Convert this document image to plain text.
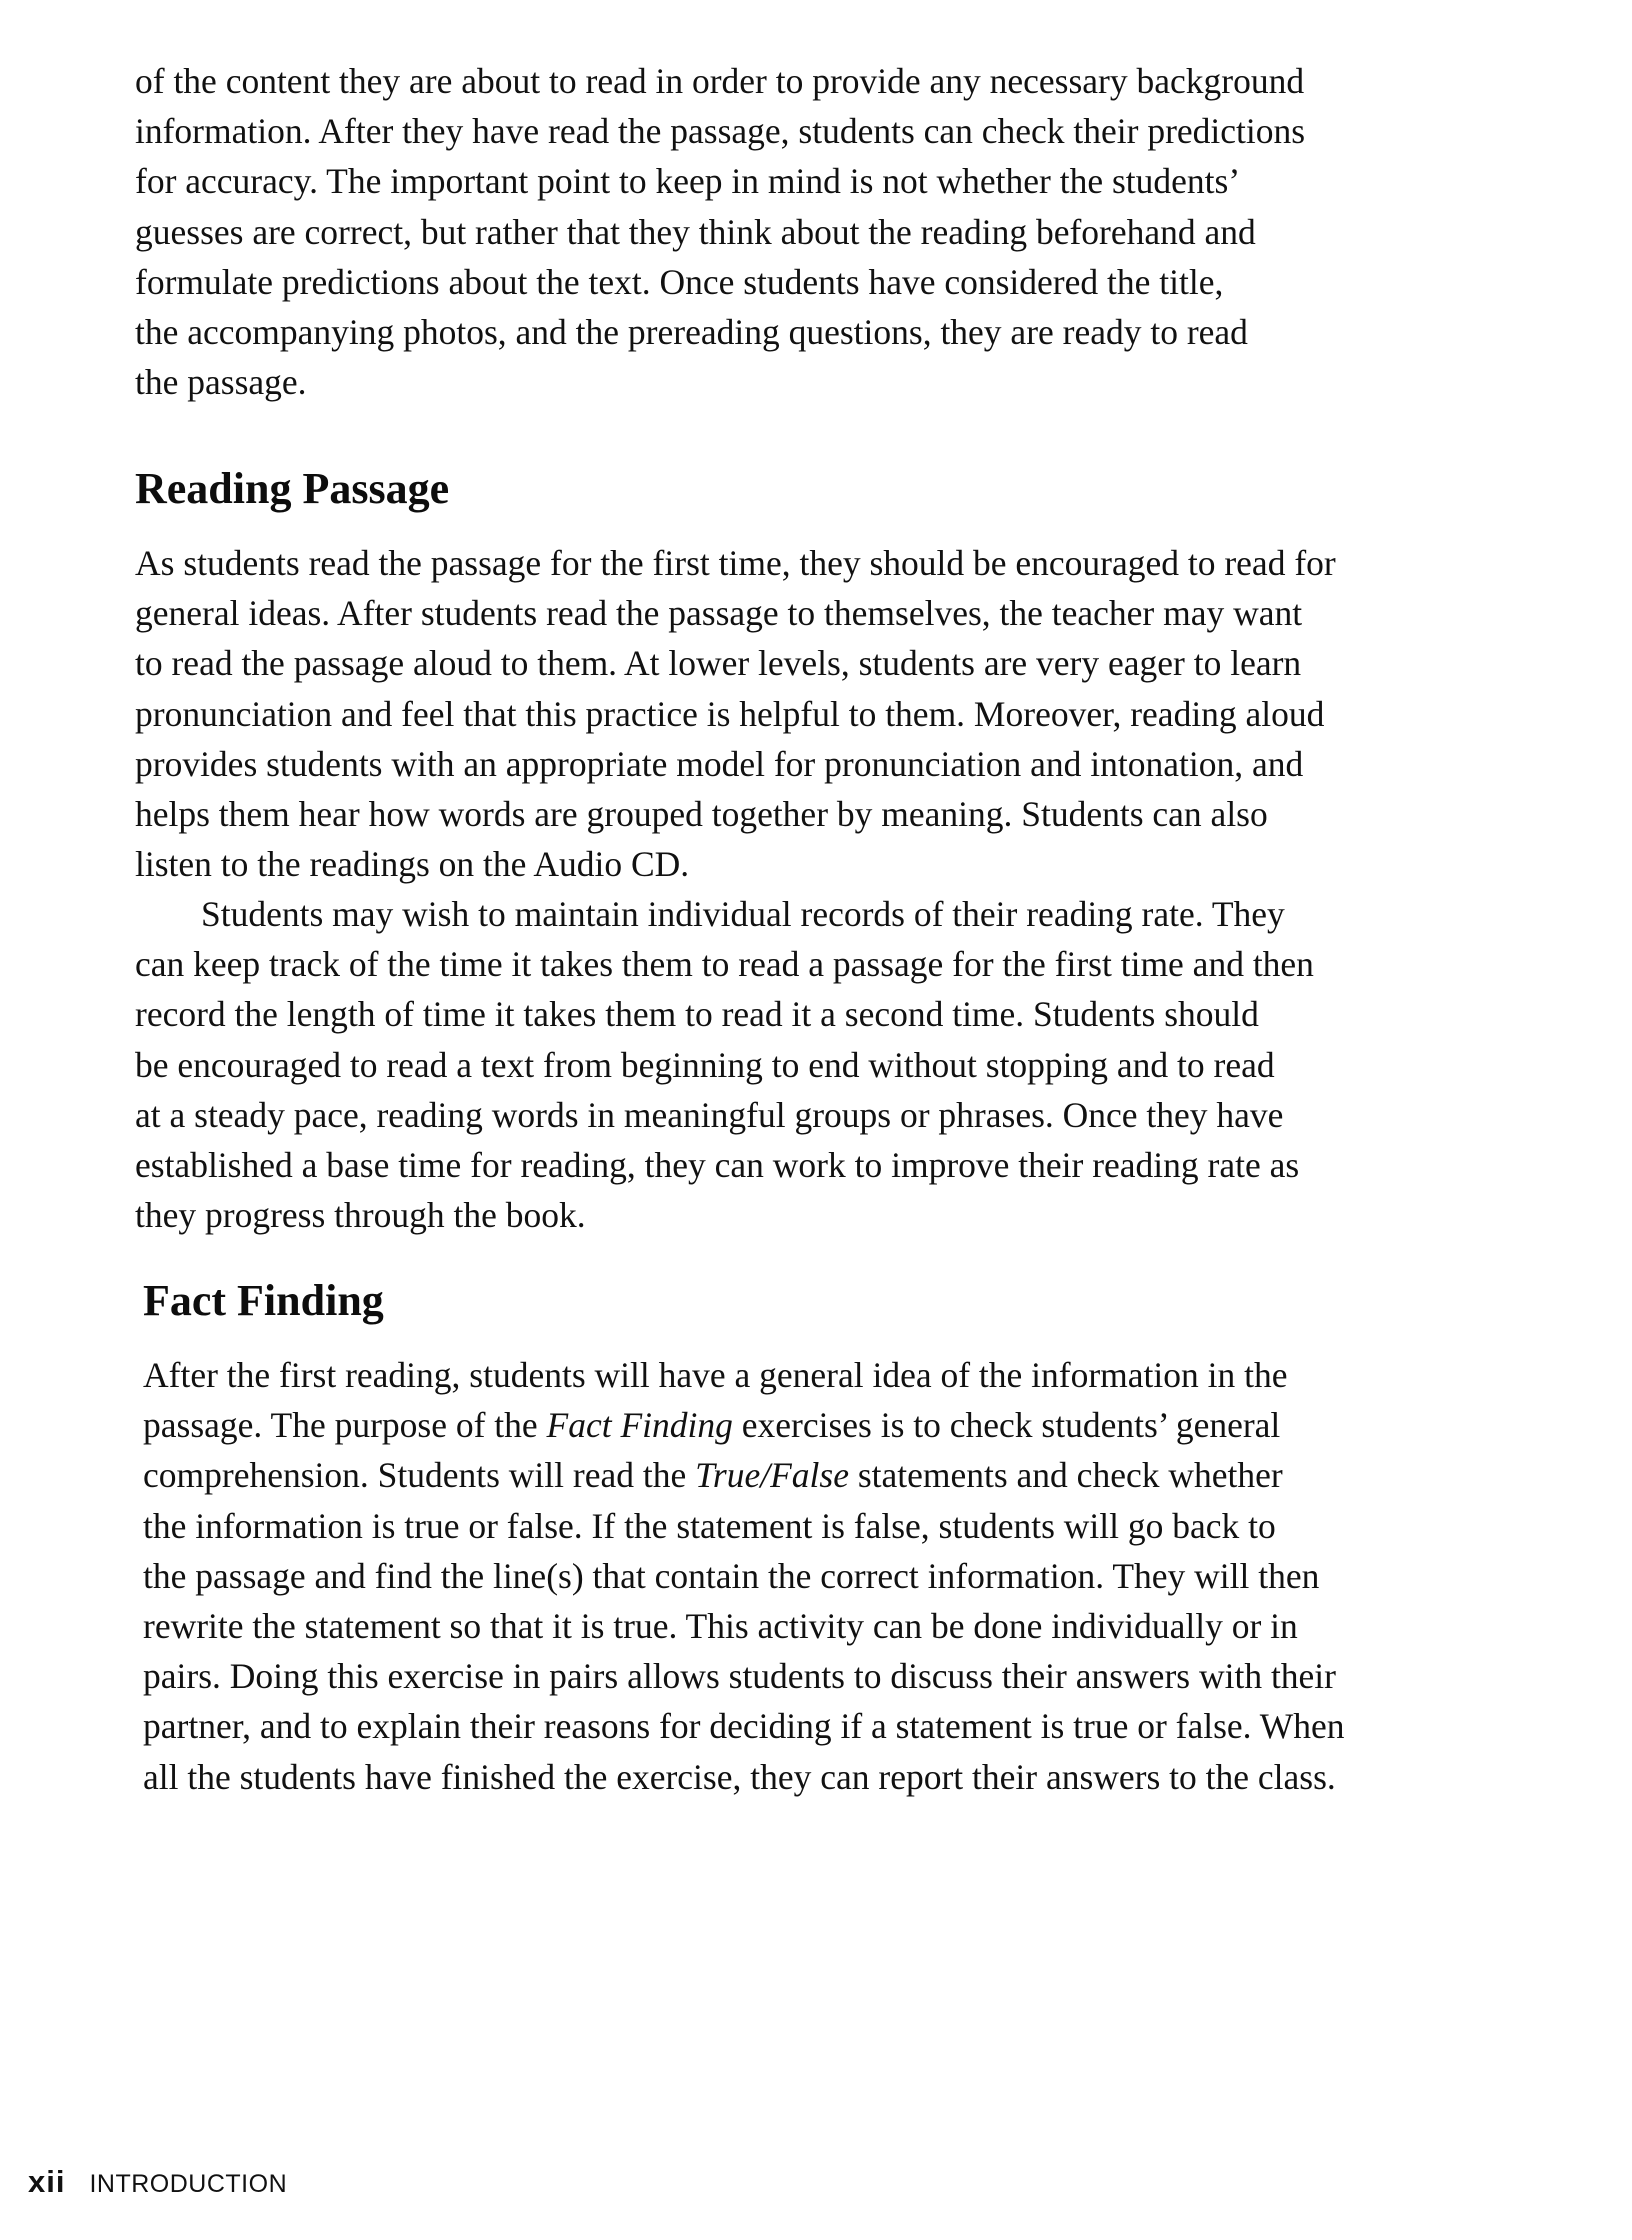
of the content they are about to read in order to provide any necessary background
information. After they have read the passage, students can check their predictions
for accuracy. The important point to keep in mind is not whether the students’
guesses are correct, but rather that they think about the reading beforehand and
formulate predictions about the text. Once students have considered the title,
the accompanying photos, and the prereading questions, they are ready to read
the passage.

Reading Passage

As students read the passage for the first time, they should be encouraged to read for
general ideas. After students read the passage to themselves, the teacher may want
to read the passage aloud to them. At lower levels, students are very eager to learn
pronunciation and feel that this practice is helpful to them. Moreover, reading aloud
provides students with an appropriate model for pronunciation and intonation, and
helps them hear how words are grouped together by meaning. Students can also
listen to the readings on the Audio CD.

Students may wish to maintain individual records of their reading rate. They
can keep track of the time it takes them to read a passage for the first time and then
record the length of time it takes them to read it a second time. Students should
be encouraged to read a text from beginning to end without stopping and to read
at a steady pace, reading words in meaningful groups or phrases. Once they have
established a base time for reading, they can work to improve their reading rate as
they progress through the book.

Fact Finding

After the first reading, students will have a general idea of the information in the
passage. The purpose of the Fact Finding exercises is to check students’ general
comprehension. Students will read the True/False statements and check whether
the information is true or false. If the statement is false, students will go back to
the passage and find the line(s) that contain the correct information. They will then
rewrite the statement so that it is true. This activity can be done individually or in
pairs. Doing this exercise in pairs allows students to discuss their answers with their
partner, and to explain their reasons for deciding if a statement is true or false. When
all the students have finished the exercise, they can report their answers to the class.

xii INTRODUCTION
